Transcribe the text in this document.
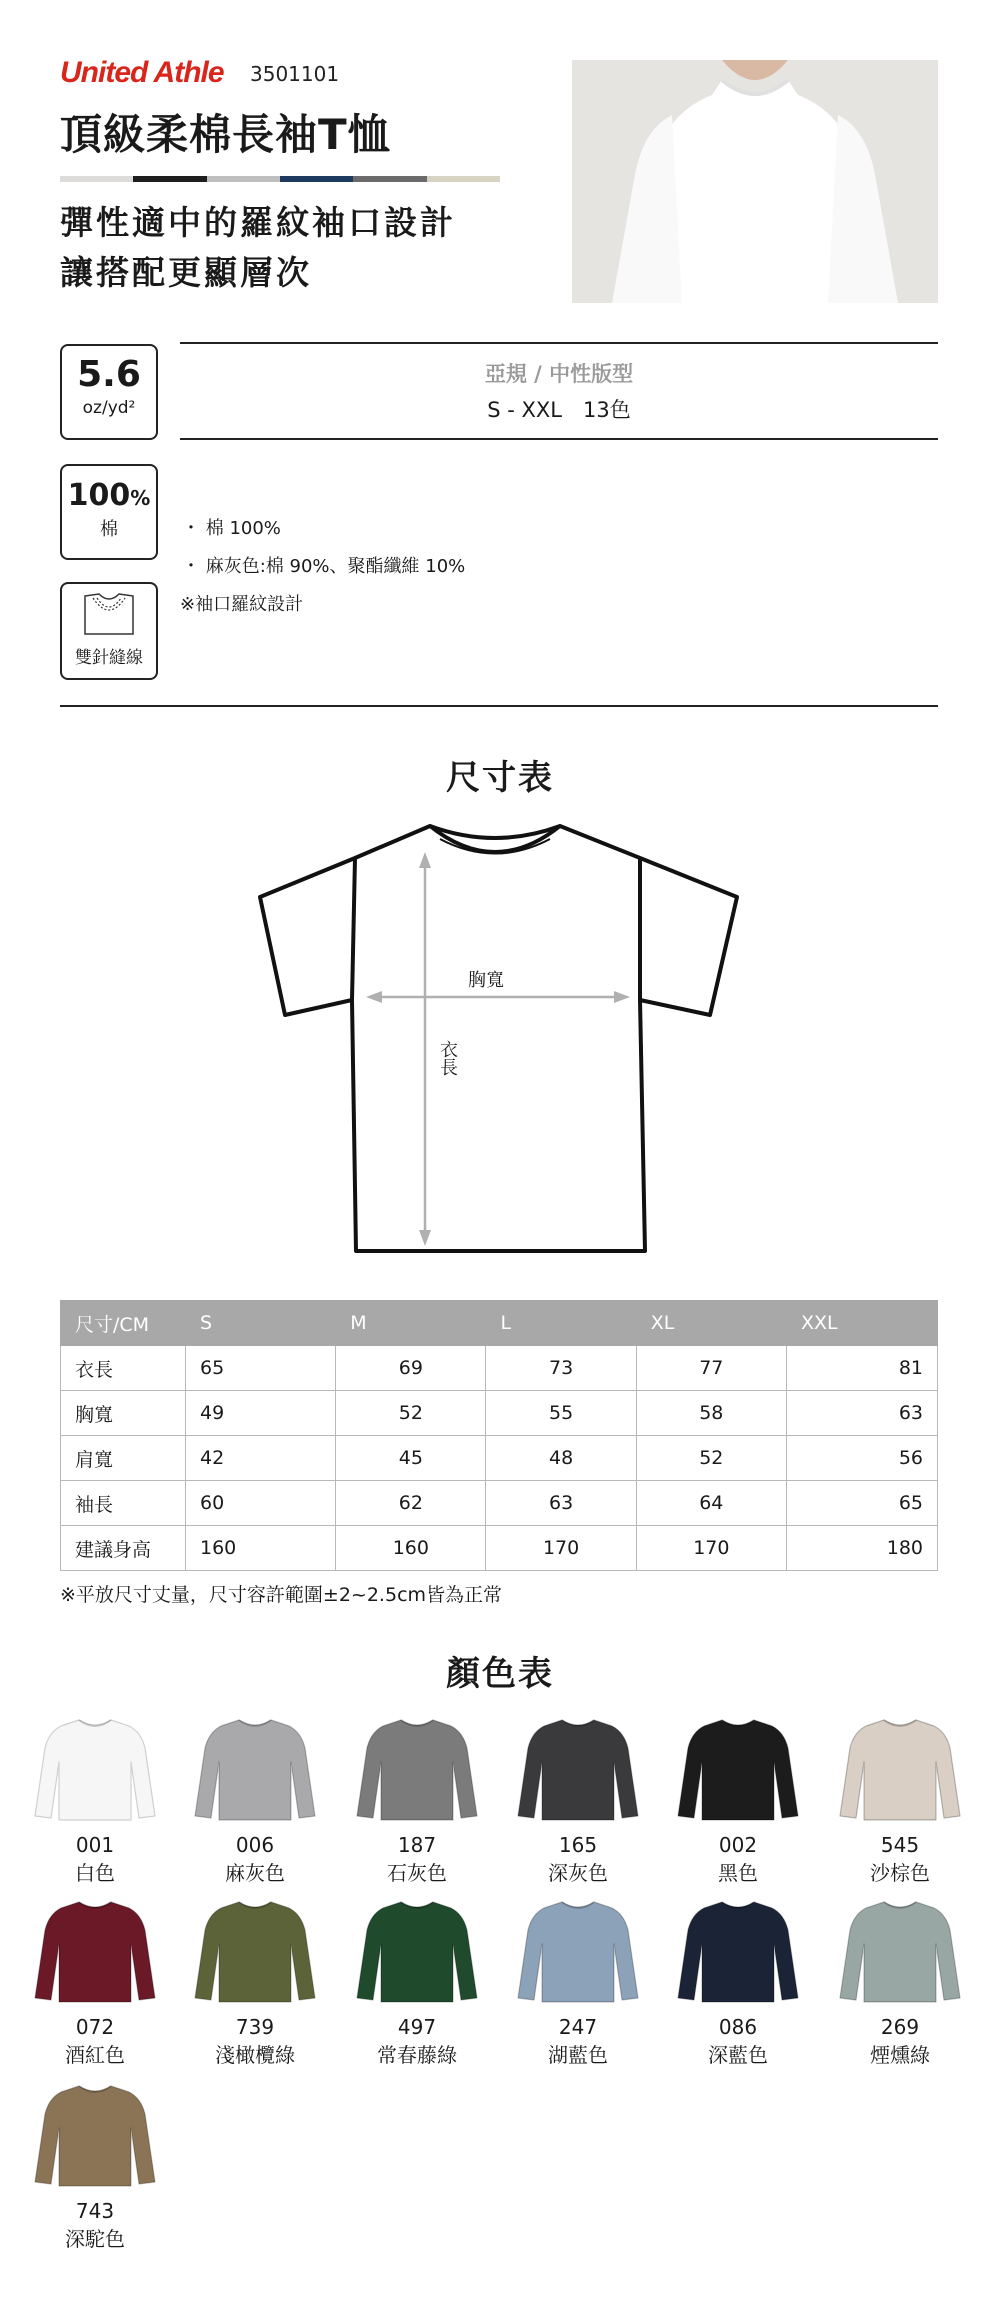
United Athle 3501101
頂級柔棉長袖T恤
彈性適中的羅紋袖口設計
讓搭配更顯層次
5.6
oz/yd²
100%
棉
雙針縫線
亞規 / 中性版型
S - XXL　13色
・ 棉 100%
・ 麻灰色:棉 90%、聚酯纖維 10%
※袖口羅紋設計
尺寸表
胸寬
衣長
尺寸/CM	S	M	L	XL	XXL
衣長	65	69	73	77	81
胸寬	49	52	55	58	63
肩寬	42	45	48	52	56
袖長	60	62	63	64	65
建議身高	160	160	170	170	180
※平放尺寸丈量，尺寸容許範圍±2~2.5cm皆為正常
顏色表
001
白色
006
麻灰色
187
石灰色
165
深灰色
002
黑色
545
沙棕色
072
酒紅色
739
淺橄欖綠
497
常春藤綠
247
湖藍色
086
深藍色
269
煙燻綠
743
深駝色
